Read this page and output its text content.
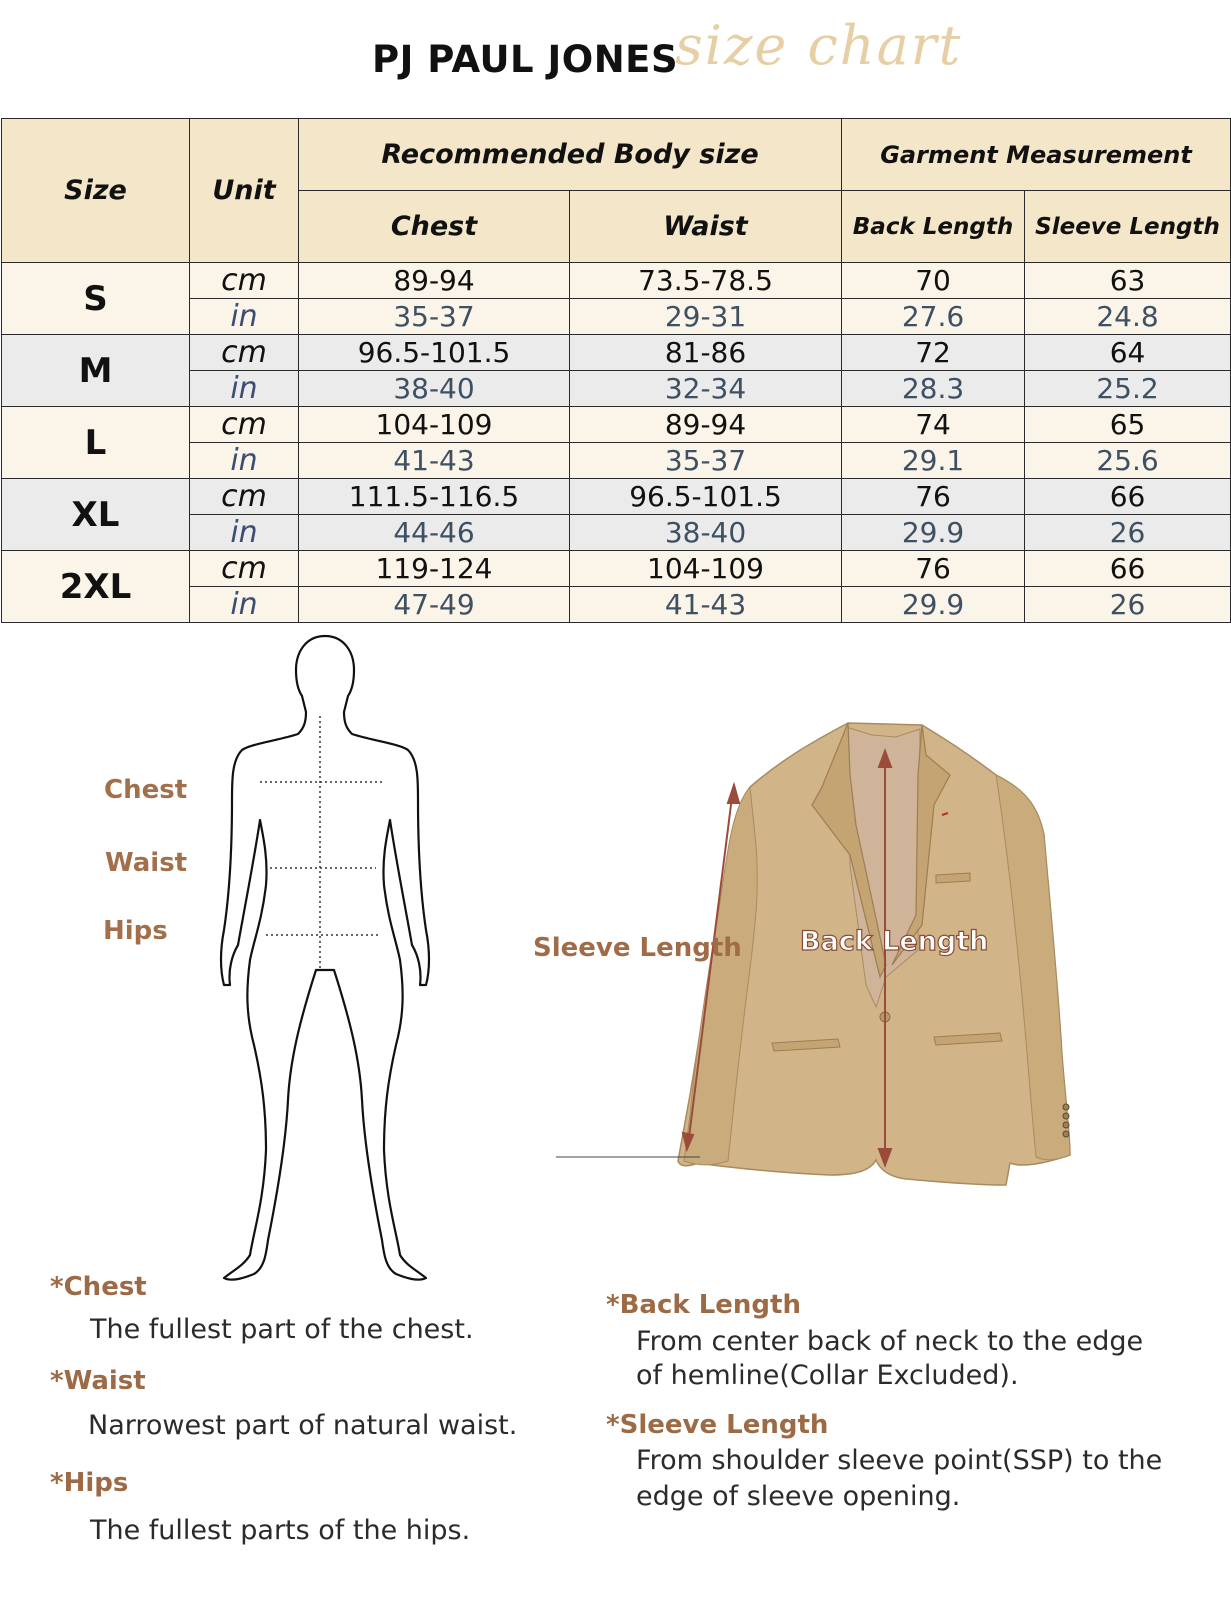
PJ PAUL JONES
size chart
Size	Unit	Recommended Body size		Garment Measurement	
		Chest	Waist	Back Length	Sleeve Length
S	cm	89-94	73.5-78.5	70	63
	in	35-37	29-31	27.6	24.8
M	cm	96.5-101.5	81-86	72	64
	in	38-40	32-34	28.3	25.2
L	cm	104-109	89-94	74	65
	in	41-43	35-37	29.1	25.6
XL	cm	111.5-116.5	96.5-101.5	76	66
	in	44-46	38-40	29.9	26
2XL	cm	119-124	104-109	76	66
	in	47-49	41-43	29.9	26
Chest
Waist
Hips
Sleeve Length Back Length
*Chest
The fullest part of the chest.
*Waist
Narrowest part of natural waist.
*Hips
The fullest parts of the hips.
*Back Length
From center back of neck to the edge
of hemline(Collar Excluded).
*Sleeve Length
From shoulder sleeve point(SSP) to the
edge of sleeve opening.
